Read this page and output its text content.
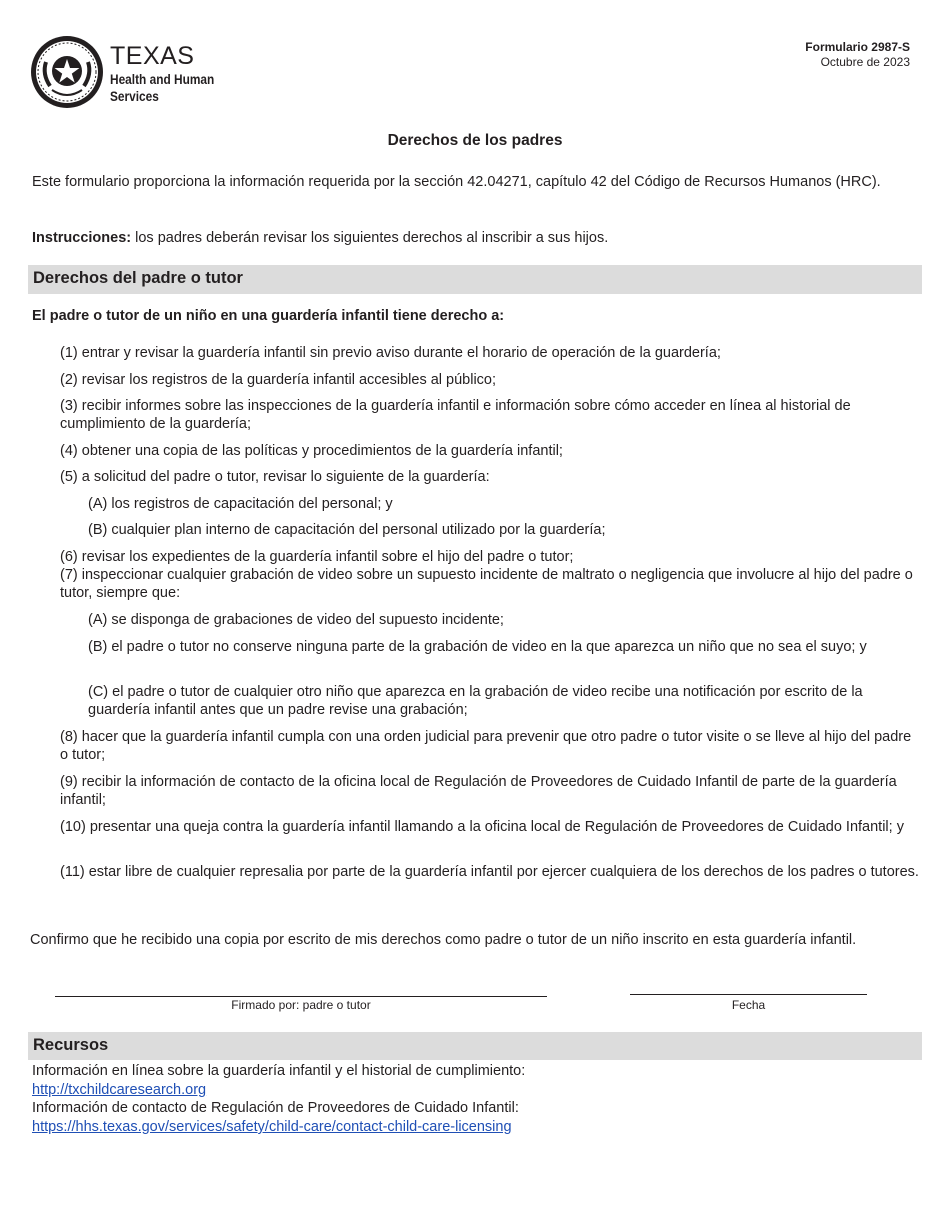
TEXAS
Health and Human
Services
Formulario 2987-S
Octubre de 2023
Derechos de los padres
Este formulario proporciona la información requerida por la sección 42.04271, capítulo 42 del Código de Recursos Humanos (HRC).
Instrucciones: los padres deberán revisar los siguientes derechos al inscribir a sus hijos.
Derechos del padre o tutor
El padre o tutor de un niño en una guardería infantil tiene derecho a:
(1) entrar y revisar la guardería infantil sin previo aviso durante el horario de operación de la guardería;
(2) revisar los registros de la guardería infantil accesibles al público;
(3) recibir informes sobre las inspecciones de la guardería infantil e información sobre cómo acceder en línea al historial de cumplimiento de la guardería;
(4) obtener una copia de las políticas y procedimientos de la guardería infantil;
(5) a solicitud del padre o tutor, revisar lo siguiente de la guardería:
(A) los registros de capacitación del personal; y
(B) cualquier plan interno de capacitación del personal utilizado por la guardería;
(6) revisar los expedientes de la guardería infantil sobre el hijo del padre o tutor;
(7) inspeccionar cualquier grabación de video sobre un supuesto incidente de maltrato o negligencia que involucre al hijo del padre o tutor, siempre que:
(A) se disponga de grabaciones de video del supuesto incidente;
(B) el padre o tutor no conserve ninguna parte de la grabación de video en la que aparezca un niño que no sea el suyo; y
(C) el padre o tutor de cualquier otro niño que aparezca en la grabación de video recibe una notificación por escrito de la guardería infantil antes que un padre revise una grabación;
(8) hacer que la guardería infantil cumpla con una orden judicial para prevenir que otro padre o tutor visite o se lleve al hijo del padre o tutor;
(9) recibir la información de contacto de la oficina local de Regulación de Proveedores de Cuidado Infantil de parte de la guardería infantil;
(10) presentar una queja contra la guardería infantil llamando a la oficina local de Regulación de Proveedores de Cuidado Infantil; y
(11) estar libre de cualquier represalia por parte de la guardería infantil por ejercer cualquiera de los derechos de los padres o tutores.
Confirmo que he recibido una copia por escrito de mis derechos como padre o tutor de un niño inscrito en esta guardería infantil.
Firmado por: padre o tutor	Fecha
Recursos
Información en línea sobre la guardería infantil y el historial de cumplimiento:
http://txchildcaresearch.org
Información de contacto de Regulación de Proveedores de Cuidado Infantil:
https://hhs.texas.gov/services/safety/child-care/contact-child-care-licensing
